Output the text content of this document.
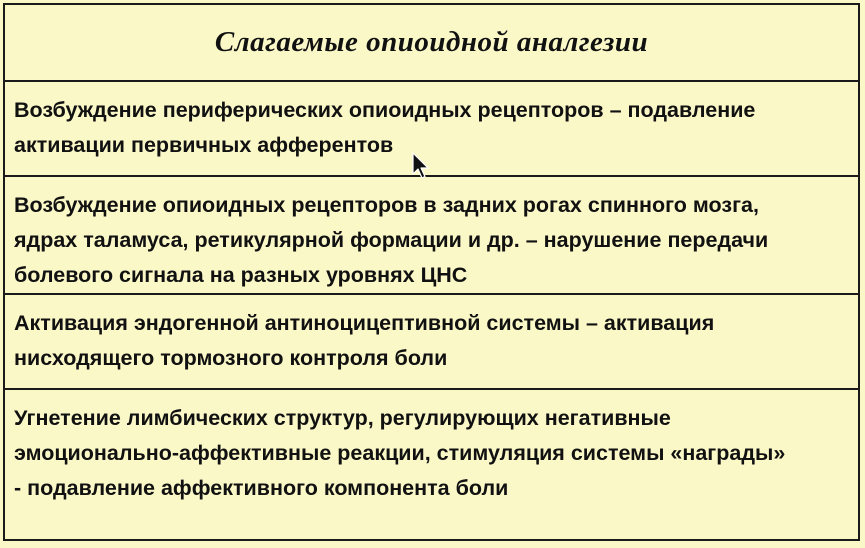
Слагаемые опиоидной аналгезии
Возбуждение периферических опиоидных рецепторов – подавление
активации первичных афферентов
Возбуждение опиоидных рецепторов в задних рогах спинного мозга,
ядрах таламуса, ретикулярной формации и др. – нарушение передачи
болевого сигнала на разных уровнях ЦНС
Активация эндогенной антиноцицептивной системы – активация
нисходящего тормозного контроля боли
Угнетение лимбических структур, регулирующих негативные
эмоционально-аффективные реакции, стимуляция системы «награды»
- подавление аффективного компонента боли
